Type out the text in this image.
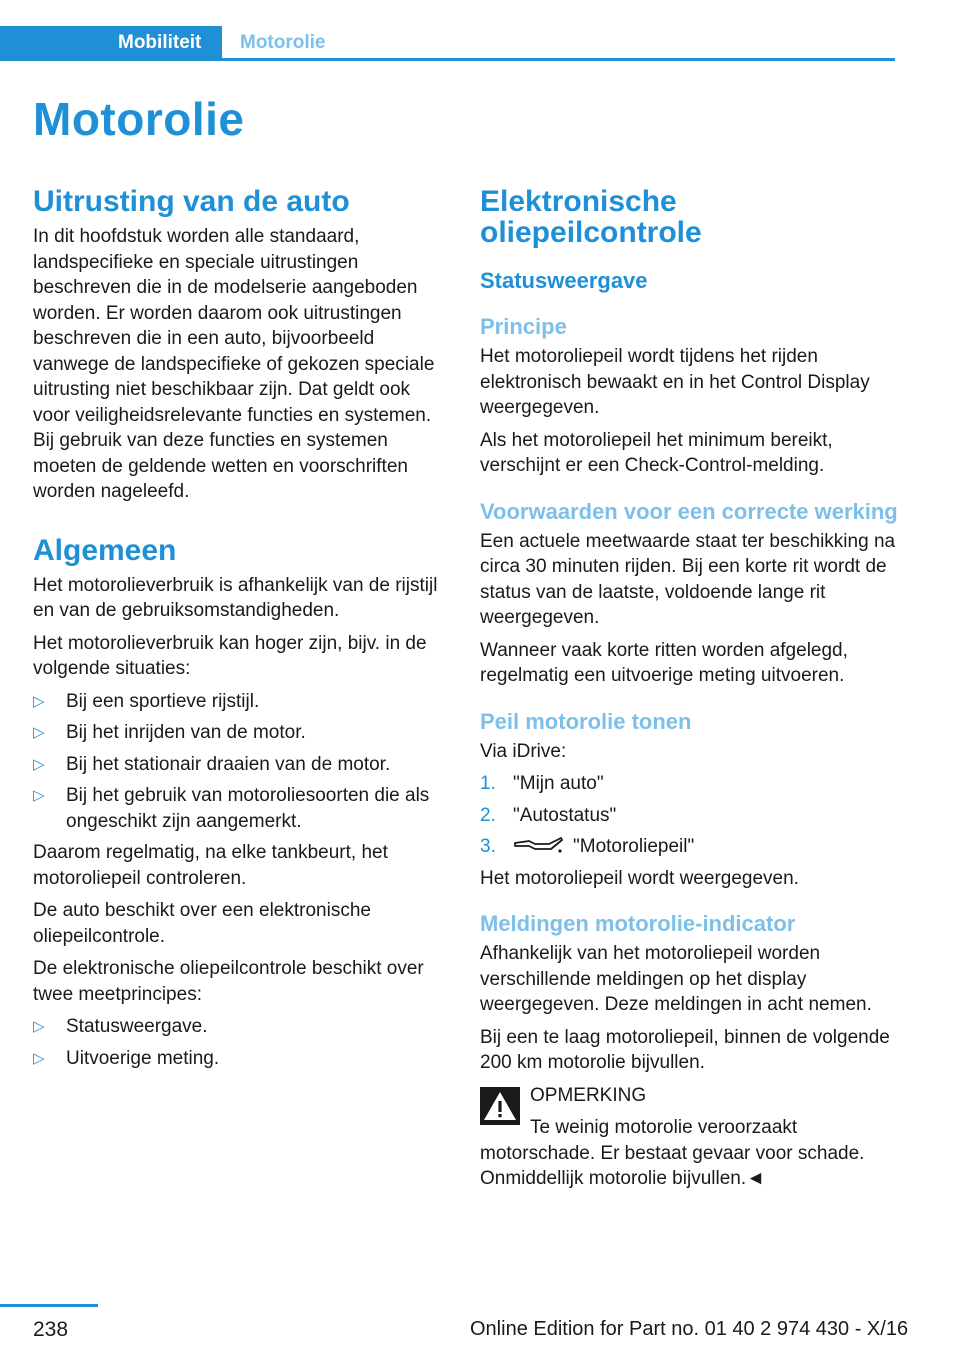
Mobiliteit	Motorolie
Motorolie
Uitrusting van de auto

In dit hoofdstuk worden alle standaard, landspecifieke en speciale uitrustingen beschreven die in de modelserie aangeboden worden. Er worden daarom ook uitrustingen beschreven die in een auto, bijvoorbeeld vanwege de landspecifieke of gekozen speciale uitrusting niet beschikbaar zijn. Dat geldt ook voor veiligheidsrelevante functies en systemen. Bij gebruik van deze functies en systemen moeten de geldende wetten en voorschriften worden nageleefd.

Algemeen

Het motorolieverbruik is afhankelijk van de rijstijl en van de gebruiksomstandigheden.

Het motorolieverbruik kan hoger zijn, bijv. in de volgende situaties:

▷ Bij een sportieve rijstijl.
▷ Bij het inrijden van de motor.
▷ Bij het stationair draaien van de motor.
▷ Bij het gebruik van motoroliesoorten die als ongeschikt zijn aangemerkt.

Daarom regelmatig, na elke tankbeurt, het motoroliepeil controleren.

De auto beschikt over een elektronische oliepeilcontrole.

De elektronische oliepeilcontrole beschikt over twee meetprincipes:

▷ Statusweergave.
▷ Uitvoerige meting.
Elektronische oliepeilcontrole
Statusweergave
Principe

Het motoroliepeil wordt tijdens het rijden elektronisch bewaakt en in het Control Display weergegeven.

Als het motoroliepeil het minimum bereikt, verschijnt er een Check-Control-melding.

Voorwaarden voor een correcte werking

Een actuele meetwaarde staat ter beschikking na circa 30 minuten rijden. Bij een korte rit wordt de status van de laatste, voldoende lange rit weergegeven.

Wanneer vaak korte ritten worden afgelegd, regelmatig een uitvoerige meting uitvoeren.

Peil motorolie tonen

Via iDrive:

1. "Mijn auto"
2. "Autostatus"
3.	"Motoroliepeil"

Het motoroliepeil wordt weergegeven.

Meldingen motorolie-indicator

Afhankelijk van het motoroliepeil worden verschillende meldingen op het display weergegeven. Deze meldingen in acht nemen.

Bij een te laag motoroliepeil, binnen de volgende 200 km motorolie bijvullen.

OPMERKING

Te weinig motorolie veroorzaakt motorschade. Er bestaat gevaar voor schade. Onmiddellijk motorolie bijvullen.◄

238	Online Edition for Part no. 01 40 2 974 430 - X/16
